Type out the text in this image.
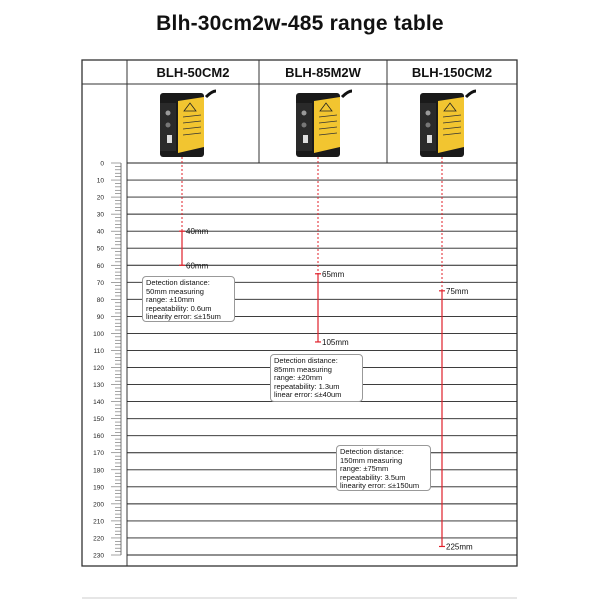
Blh-30cm2w-485 range table
0
10
20
30
40
50
60
70
80
90
100
110
120
130
140
150
160
170
180
190
200
210
220
230
40mm
60mm
65mm
105mm
75mm
225mm
BLH-50CM2	BLH-85M2W	BLH-150CM2
Detection distance:
50mm measuring
range: ±10mm
repeatability: 0.6um
linearity error: ≤±15um
Detection distance:
85mm measuring
range: ±20mm
repeatability: 1.3um
linear error: ≤±40um
Detection distance:
150mm measuring
range: ±75mm
repeatability: 3.5um
linearity error: ≤±150um
